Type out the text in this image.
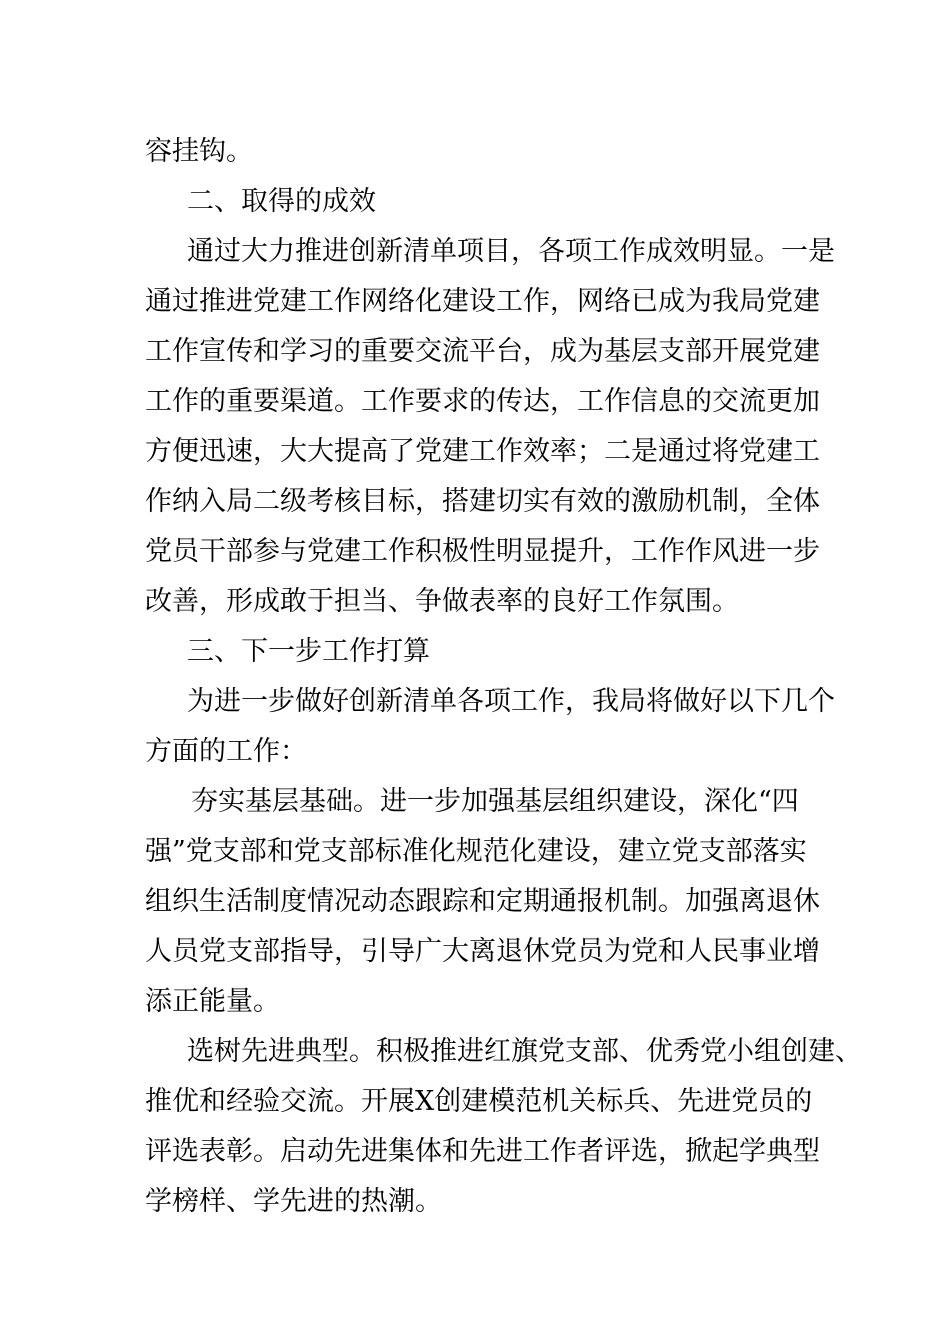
容挂钩。
二、取得的成效
通过大力推进创新清单项目，各项工作成效明显。一是
通过推进党建工作网络化建设工作，网络已成为我局党建
工作宣传和学习的重要交流平台，成为基层支部开展党建
工作的重要渠道。工作要求的传达，工作信息的交流更加
方便迅速，大大提高了党建工作效率；二是通过将党建工
作纳入局二级考核目标，搭建切实有效的激励机制，全体
党员干部参与党建工作积极性明显提升，工作作风进一步
改善，形成敢于担当、争做表率的良好工作氛围。
三、下一步工作打算
为进一步做好创新清单各项工作，我局将做好以下几个
方面的工作：
夯实基层基础。进一步加强基层组织建设，深化“四
强”党支部和党支部标准化规范化建设，建立党支部落实
组织生活制度情况动态跟踪和定期通报机制。加强离退休
人员党支部指导，引导广大离退休党员为党和人民事业增
添正能量。
选树先进典型。积极推进红旗党支部、优秀党小组创建、
推优和经验交流。开展X创建模范机关标兵、先进党员的
评选表彰。启动先进集体和先进工作者评选，掀起学典型
学榜样、学先进的热潮。
